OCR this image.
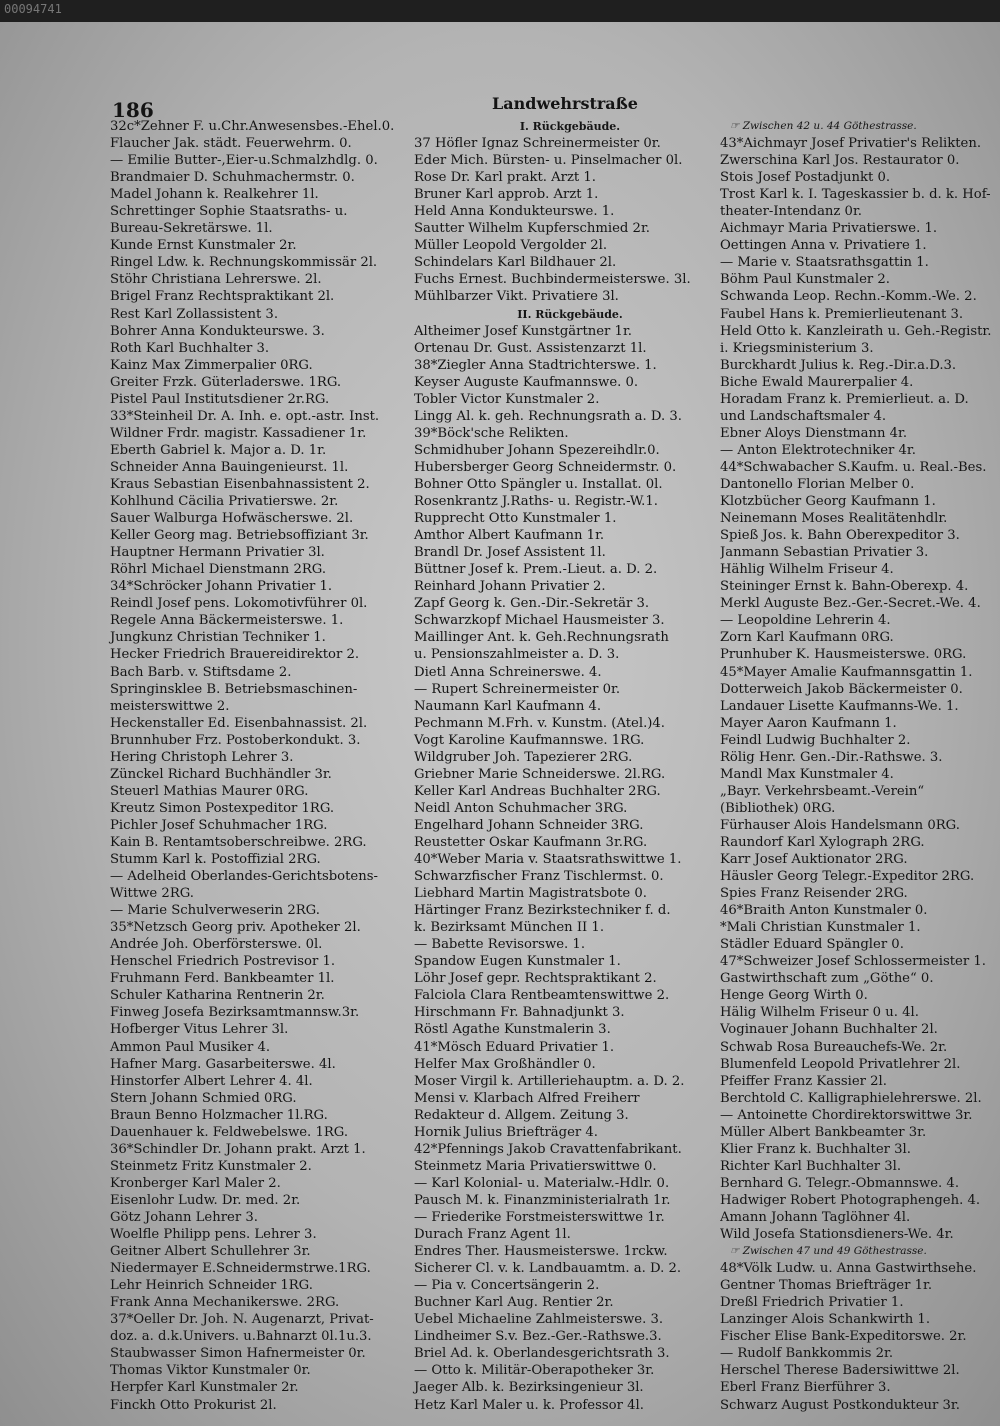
00094741
186	Landwehrstraße
32c*Zehner F. u.Chr.Anwesensbes.-Ehel.0.
Flaucher Jak. städt. Feuerwehrm. 0.
— Emilie Butter-,Eier-u.Schmalzhdlg. 0.
Brandmaier D. Schuhmachermstr. 0.
Madel Johann k. Realkehrer 1l.
Schrettinger Sophie Staatsraths- u.
Bureau-Sekretärswe. 1l.
Kunde Ernst Kunstmaler 2r.
Ringel Ldw. k. Rechnungskommissär 2l.
Stöhr Christiana Lehrerswe. 2l.
Brigel Franz Rechtspraktikant 2l.
Rest Karl Zollassistent 3.
Bohrer Anna Kondukteurswe. 3.
Roth Karl Buchhalter 3.
Kainz Max Zimmerpalier 0RG.
Greiter Frzk. Güterladerswe. 1RG.
Pistel Paul Institutsdiener 2r.RG.
33*Steinheil Dr. A. Inh. e. opt.-astr. Inst.
Wildner Frdr. magistr. Kassadiener 1r.
Eberth Gabriel k. Major a. D. 1r.
Schneider Anna Bauingenieurst. 1l.
Kraus Sebastian Eisenbahnassistent 2.
Kohlhund Cäcilia Privatierswe. 2r.
Sauer Walburga Hofwäscherswe. 2l.
Keller Georg mag. Betriebsoffiziant 3r.
Hauptner Hermann Privatier 3l.
Röhrl Michael Dienstmann 2RG.
34*Schröcker Johann Privatier 1.
Reindl Josef pens. Lokomotivführer 0l.
Regele Anna Bäckermeisterswe. 1.
Jungkunz Christian Techniker 1.
Hecker Friedrich Brauereidirektor 2.
Bach Barb. v. Stiftsdame 2.
Springinsklee B. Betriebsmaschinen-
meisterswittwe 2.
Heckenstaller Ed. Eisenbahnassist. 2l.
Brunnhuber Frz. Postoberkondukt. 3.
Hering Christoph Lehrer 3.
Zünckel Richard Buchhändler 3r.
Steuerl Mathias Maurer 0RG.
Kreutz Simon Postexpeditor 1RG.
Pichler Josef Schuhmacher 1RG.
Kain B. Rentamtsoberschreibwe. 2RG.
Stumm Karl k. Postoffizial 2RG.
— Adelheid Oberlandes-Gerichtsbotens-
Wittwe 2RG.
— Marie Schulverweserin 2RG.
35*Netzsch Georg priv. Apotheker 2l.
Andrée Joh. Oberförsterswe. 0l.
Henschel Friedrich Postrevisor 1.
Fruhmann Ferd. Bankbeamter 1l.
Schuler Katharina Rentnerin 2r.
Finweg Josefa Bezirksamtmannsw.3r.
Hofberger Vitus Lehrer 3l.
Ammon Paul Musiker 4.
Hafner Marg. Gasarbeiterswe. 4l.
Hinstorfer Albert Lehrer 4. 4l.
Stern Johann Schmied 0RG.
Braun Benno Holzmacher 1l.RG.
Dauenhauer k. Feldwebelswe. 1RG.
36*Schindler Dr. Johann prakt. Arzt 1.
Steinmetz Fritz Kunstmaler 2.
Kronberger Karl Maler 2.
Eisenlohr Ludw. Dr. med. 2r.
Götz Johann Lehrer 3.
Woelfle Philipp pens. Lehrer 3.
Geitner Albert Schullehrer 3r.
Niedermayer E.Schneidermstrwe.1RG.
Lehr Heinrich Schneider 1RG.
Frank Anna Mechanikerswe. 2RG.
37*Oeller Dr. Joh. N. Augenarzt, Privat-
doz. a. d.k.Univers. u.Bahnarzt 0l.1u.3.
Staubwasser Simon Hafnermeister 0r.
Thomas Viktor Kunstmaler 0r.
Herpfer Karl Kunstmaler 2r.
Finckh Otto Prokurist 2l.
I. Rückgebäude.
37 Höfler Ignaz Schreinermeister 0r.
Eder Mich. Bürsten- u. Pinselmacher 0l.
Rose Dr. Karl prakt. Arzt 1.
Bruner Karl approb. Arzt 1.
Held Anna Kondukteurswe. 1.
Sautter Wilhelm Kupferschmied 2r.
Müller Leopold Vergolder 2l.
Schindelars Karl Bildhauer 2l.
Fuchs Ernest. Buchbindermeisterswe. 3l.
Mühlbarzer Vikt. Privatiere 3l.
II. Rückgebäude.
Altheimer Josef Kunstgärtner 1r.
Ortenau Dr. Gust. Assistenzarzt 1l.
38*Ziegler Anna Stadtrichterswe. 1.
Keyser Auguste Kaufmannswe. 0.
Tobler Victor Kunstmaler 2.
Lingg Al. k. geh. Rechnungsrath a. D. 3.
39*Böck'sche Relikten.
Schmidhuber Johann Spezereihdlr.0.
Hubersberger Georg Schneidermstr. 0.
Bohner Otto Spängler u. Installat. 0l.
Rosenkrantz J.Raths- u. Registr.-W.1.
Rupprecht Otto Kunstmaler 1.
Amthor Albert Kaufmann 1r.
Brandl Dr. Josef Assistent 1l.
Büttner Josef k. Prem.-Lieut. a. D. 2.
Reinhard Johann Privatier 2.
Zapf Georg k. Gen.-Dir.-Sekretär 3.
Schwarzkopf Michael Hausmeister 3.
Maillinger Ant. k. Geh.Rechnungsrath
u. Pensionszahlmeister a. D. 3.
Dietl Anna Schreinerswe. 4.
— Rupert Schreinermeister 0r.
Naumann Karl Kaufmann 4.
Pechmann M.Frh. v. Kunstm. (Atel.)4.
Vogt Karoline Kaufmannswe. 1RG.
Wildgruber Joh. Tapezierer 2RG.
Griebner Marie Schneiderswe. 2l.RG.
Keller Karl Andreas Buchhalter 2RG.
Neidl Anton Schuhmacher 3RG.
Engelhard Johann Schneider 3RG.
Reustetter Oskar Kaufmann 3r.RG.
40*Weber Maria v. Staatsrathswittwe 1.
Schwarzfischer Franz Tischlermst. 0.
Liebhard Martin Magistratsbote 0.
Härtinger Franz Bezirkstechniker f. d.
k. Bezirksamt München II 1.
— Babette Revisorswe. 1.
Spandow Eugen Kunstmaler 1.
Löhr Josef gepr. Rechtspraktikant 2.
Falciola Clara Rentbeamtenswittwe 2.
Hirschmann Fr. Bahnadjunkt 3.
Röstl Agathe Kunstmalerin 3.
41*Mösch Eduard Privatier 1.
Helfer Max Großhändler 0.
Moser Virgil k. Artilleriehauptm. a. D. 2.
Mensi v. Klarbach Alfred Freiherr
Redakteur d. Allgem. Zeitung 3.
Hornik Julius Briefträger 4.
42*Pfennings Jakob Cravattenfabrikant.
Steinmetz Maria Privatierswittwe 0.
— Karl Kolonial- u. Materialw.-Hdlr. 0.
Pausch M. k. Finanzministerialrath 1r.
— Friederike Forstmeisterswittwe 1r.
Durach Franz Agent 1l.
Endres Ther. Hausmeisterswe. 1rckw.
Sicherer Cl. v. k. Landbauamtm. a. D. 2.
— Pia v. Concertsängerin 2.
Buchner Karl Aug. Rentier 2r.
Uebel Michaeline Zahlmeisterswe. 3.
Lindheimer S.v. Bez.-Ger.-Rathswe.3.
Briel Ad. k. Oberlandesgerichtsrath 3.
— Otto k. Militär-Oberapotheker 3r.
Jaeger Alb. k. Bezirksingenieur 3l.
Hetz Karl Maler u. k. Professor 4l.
☞ Zwischen 42 u. 44 Göthestrasse.
43*Aichmayr Josef Privatier's Relikten.
Zwerschina Karl Jos. Restaurator 0.
Stois Josef Postadjunkt 0.
Trost Karl k. I. Tageskassier b. d. k. Hof-
theater-Intendanz 0r.
Aichmayr Maria Privatierswe. 1.
Oettingen Anna v. Privatiere 1.
— Marie v. Staatsrathsgattin 1.
Böhm Paul Kunstmaler 2.
Schwanda Leop. Rechn.-Komm.-We. 2.
Faubel Hans k. Premierlieutenant 3.
Held Otto k. Kanzleirath u. Geh.-Registr.
i. Kriegsministerium 3.
Burckhardt Julius k. Reg.-Dir.a.D.3.
Biche Ewald Maurerpalier 4.
Horadam Franz k. Premierlieut. a. D.
und Landschaftsmaler 4.
Ebner Aloys Dienstmann 4r.
— Anton Elektrotechniker 4r.
44*Schwabacher S.Kaufm. u. Real.-Bes.
Dantonello Florian Melber 0.
Klotzbücher Georg Kaufmann 1.
Neinemann Moses Realitätenhdlr.
Spieß Jos. k. Bahn Oberexpeditor 3.
Janmann Sebastian Privatier 3.
Hählig Wilhelm Friseur 4.
Steininger Ernst k. Bahn-Oberexp. 4.
Merkl Auguste Bez.-Ger.-Secret.-We. 4.
— Leopoldine Lehrerin 4.
Zorn Karl Kaufmann 0RG.
Prunhuber K. Hausmeisterswe. 0RG.
45*Mayer Amalie Kaufmannsgattin 1.
Dotterweich Jakob Bäckermeister 0.
Landauer Lisette Kaufmanns-We. 1.
Mayer Aaron Kaufmann 1.
Feindl Ludwig Buchhalter 2.
Rölig Henr. Gen.-Dir.-Rathswe. 3.
Mandl Max Kunstmaler 4.
„Bayr. Verkehrsbeamt.-Verein“
(Bibliothek) 0RG.
Fürhauser Alois Handelsmann 0RG.
Raundorf Karl Xylograph 2RG.
Karr Josef Auktionator 2RG.
Häusler Georg Telegr.-Expeditor 2RG.
Spies Franz Reisender 2RG.
46*Braith Anton Kunstmaler 0.
*Mali Christian Kunstmaler 1.
Städler Eduard Spängler 0.
47*Schweizer Josef Schlossermeister 1.
Gastwirthschaft zum „Göthe“ 0.
Henge Georg Wirth 0.
Hälig Wilhelm Friseur 0 u. 4l.
Voginauer Johann Buchhalter 2l.
Schwab Rosa Bureauchefs-We. 2r.
Blumenfeld Leopold Privatlehrer 2l.
Pfeiffer Franz Kassier 2l.
Berchtold C. Kalligraphielehrerswe. 2l.
— Antoinette Chordirektorswittwe 3r.
Müller Albert Bankbeamter 3r.
Klier Franz k. Buchhalter 3l.
Richter Karl Buchhalter 3l.
Bernhard G. Telegr.-Obmannswe. 4.
Hadwiger Robert Photographengeh. 4.
Amann Johann Taglöhner 4l.
Wild Josefa Stationsdieners-We. 4r.
☞ Zwischen 47 und 49 Göthestrasse.
48*Völk Ludw. u. Anna Gastwirthsehe.
Gentner Thomas Briefträger 1r.
Dreßl Friedrich Privatier 1.
Lanzinger Alois Schankwirth 1.
Fischer Elise Bank-Expeditorswe. 2r.
— Rudolf Bankkommis 2r.
Herschel Therese Badersiwittwe 2l.
Eberl Franz Bierführer 3.
Schwarz August Postkondukteur 3r.
